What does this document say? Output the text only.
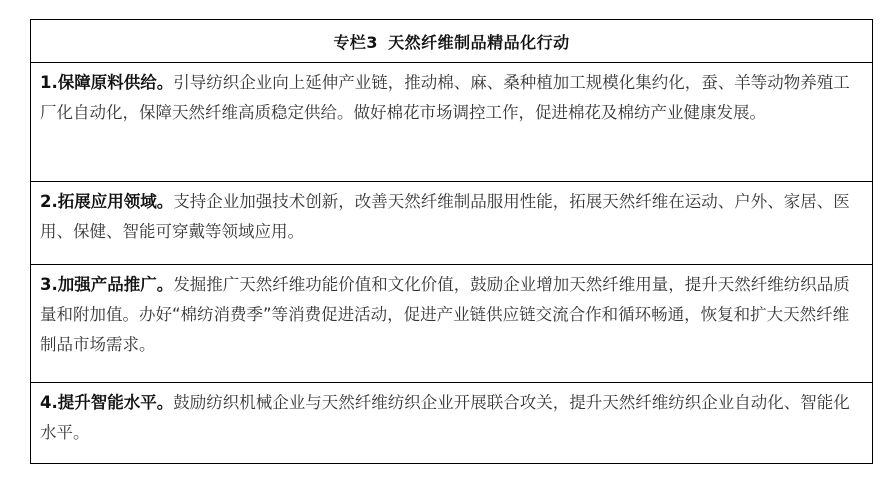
专栏3 天然纤维制品精品化行动
1.保障原料供给。引导纺织企业向上延伸产业链，推动棉、麻、桑种植加工规模化集约化，蚕、羊等动物养殖工厂化自动化，保障天然纤维高质稳定供给。做好棉花市场调控工作，促进棉花及棉纺产业健康发展。
2.拓展应用领域。支持企业加强技术创新，改善天然纤维制品服用性能，拓展天然纤维在运动、户外、家居、医用、保健、智能可穿戴等领域应用。
3.加强产品推广。发掘推广天然纤维功能价值和文化价值，鼓励企业增加天然纤维用量，提升天然纤维纺织品质量和附加值。办好“棉纺消费季”等消费促进活动，促进产业链供应链交流合作和循环畅通，恢复和扩大天然纤维制品市场需求。
4.提升智能水平。鼓励纺织机械企业与天然纤维纺织企业开展联合攻关，提升天然纤维纺织企业自动化、智能化水平。
